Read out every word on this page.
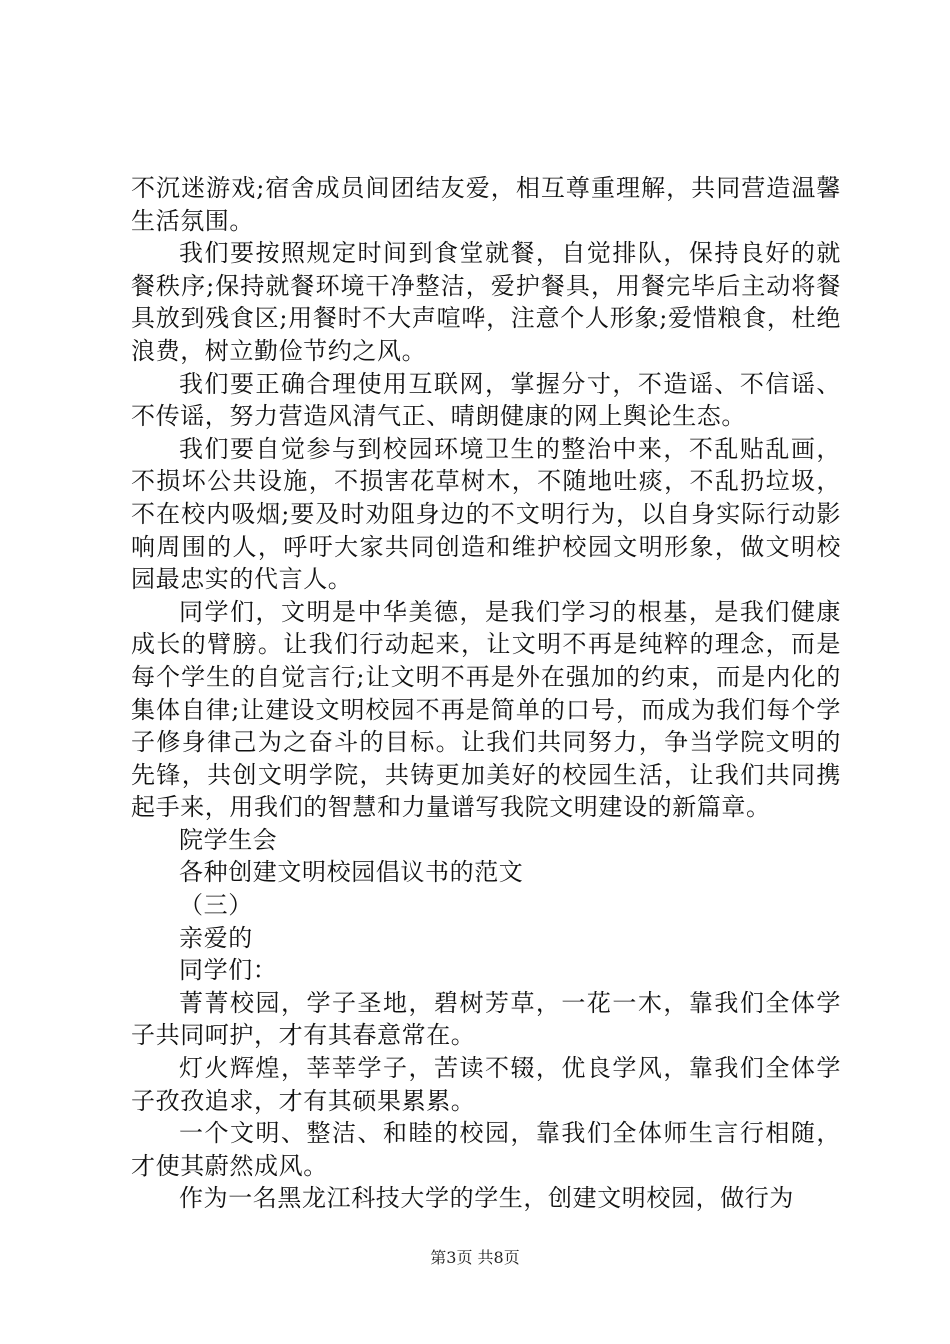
不沉迷游戏;宿舍成员间团结友爱，相互尊重理解，共同营造温馨生活氛围。

我们要按照规定时间到食堂就餐，自觉排队，保持良好的就餐秩序;保持就餐环境干净整洁，爱护餐具，用餐完毕后主动将餐具放到残食区;用餐时不大声喧哗，注意个人形象;爱惜粮食，杜绝浪费，树立勤俭节约之风。

我们要正确合理使用互联网，掌握分寸，不造谣、不信谣、不传谣，努力营造风清气正、晴朗健康的网上舆论生态。

我们要自觉参与到校园环境卫生的整治中来，不乱贴乱画，不损坏公共设施，不损害花草树木，不随地吐痰，不乱扔垃圾，不在校内吸烟;要及时劝阻身边的不文明行为，以自身实际行动影响周围的人，呼吁大家共同创造和维护校园文明形象，做文明校园最忠实的代言人。

同学们，文明是中华美德，是我们学习的根基，是我们健康成长的臂膀。让我们行动起来，让文明不再是纯粹的理念，而是每个学生的自觉言行;让文明不再是外在强加的约束，而是内化的集体自律;让建设文明校园不再是简单的口号，而成为我们每个学子修身律己为之奋斗的目标。让我们共同努力，争当学院文明的先锋，共创文明学院，共铸更加美好的校园生活，让我们共同携起手来，用我们的智慧和力量谱写我院文明建设的新篇章。

院学生会

各种创建文明校园倡议书的范文

（三）

亲爱的

同学们：

菁菁校园，学子圣地，碧树芳草，一花一木，靠我们全体学子共同呵护，才有其春意常在。

灯火辉煌，莘莘学子，苦读不辍，优良学风，靠我们全体学子孜孜追求，才有其硕果累累。

一个文明、整洁、和睦的校园，靠我们全体师生言行相随，才使其蔚然成风。

作为一名黑龙江科技大学的学生，创建文明校园，做行为

第3页 共8页
